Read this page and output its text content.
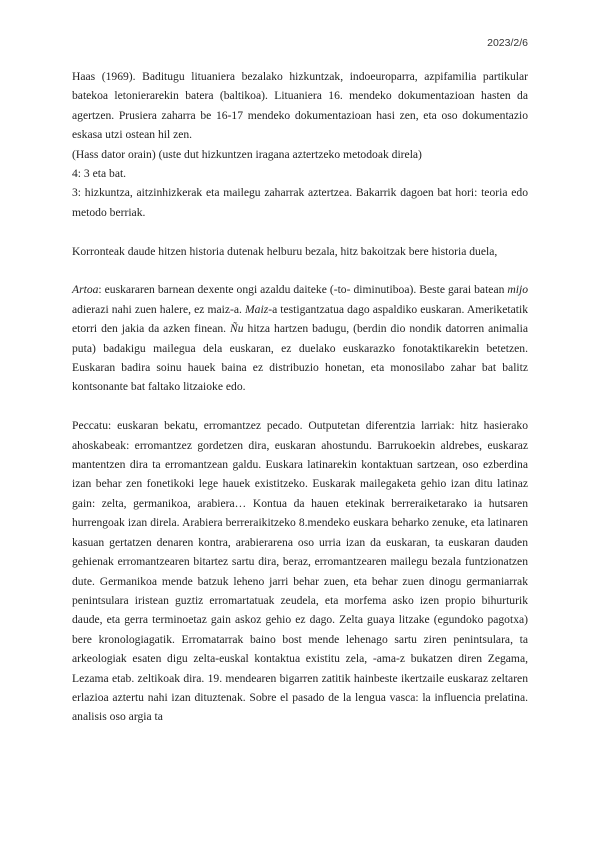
2023/2/6

Haas (1969). Baditugu lituaniera bezalako hizkuntzak, indoeuroparra, azpifamilia partikular batekoa letonierarekin batera (baltikoa). Lituaniera 16. mendeko dokumentazioan hasten da agertzen. Prusiera zaharra be 16-17 mendeko dokumentazioan hasi zen, eta oso dokumentazio eskasa utzi ostean hil zen.

(Hass dator orain) (uste dut hizkuntzen iragana aztertzeko metodoak direla)

4: 3 eta bat.

3: hizkuntza, aitzinhizkerak eta mailegu zaharrak aztertzea. Bakarrik dagoen bat hori: teoria edo metodo berriak.

Korronteak daude hitzen historia dutenak helburu bezala, hitz bakoitzak bere historia duela,

Artoa: euskararen barnean dexente ongi azaldu daiteke (-to- diminutiboa). Beste garai batean mijo adierazi nahi zuen halere, ez maiz-a. Maiz-a testigantzatua dago aspaldiko euskaran. Ameriketatik etorri den jakia da azken finean. Ñu hitza hartzen badugu, (berdin dio nondik datorren animalia puta) badakigu mailegua dela euskaran, ez duelako euskarazko fonotaktikarekin betetzen. Euskaran badira soinu hauek baina ez distribuzio honetan, eta monosilabo zahar bat balitz kontsonante bat faltako litzaioke edo.

Peccatu: euskaran bekatu, erromantzez pecado. Outputetan diferentzia larriak: hitz hasierako ahoskabeak: erromantzez gordetzen dira, euskaran ahostundu. Barrukoekin aldrebes, euskaraz mantentzen dira ta erromantzean galdu. Euskara latinarekin kontaktuan sartzean, oso ezberdina izan behar zen fonetikoki lege hauek existitzeko. Euskarak mailegaketa gehio izan ditu latinaz gain: zelta, germanikoa, arabiera… Kontua da hauen etekinak berreraiketarako ia hutsaren hurrengoak izan direla. Arabiera berreraikitzeko 8.mendeko euskara beharko zenuke, eta latinaren kasuan gertatzen denaren kontra, arabierarena oso urria izan da euskaran, ta euskaran dauden gehienak erromantzearen bitartez sartu dira, beraz, erromantzearen mailegu bezala funtzionatzen dute. Germanikoa mende batzuk leheno jarri behar zuen, eta behar zuen dinogu germaniarrak penintsulara iristean guztiz erromartatuak zeudela, eta morfema asko izen propio bihurturik daude, eta gerra terminoetaz gain askoz gehio ez dago. Zelta guaya litzake (egundoko pagotxa) bere kronologiagatik. Erromatarrak baino bost mende lehenago sartu ziren penintsulara, ta arkeologiak esaten digu zelta-euskal kontaktua existitu zela, -ama-z bukatzen diren Zegama, Lezama etab. zeltikoak dira. 19. mendearen bigarren zatitik hainbeste ikertzaile euskaraz zeltaren erlazioa aztertu nahi izan dituztenak. Sobre el pasado de la lengua vasca: la influencia prelatina. analisis oso argia ta
